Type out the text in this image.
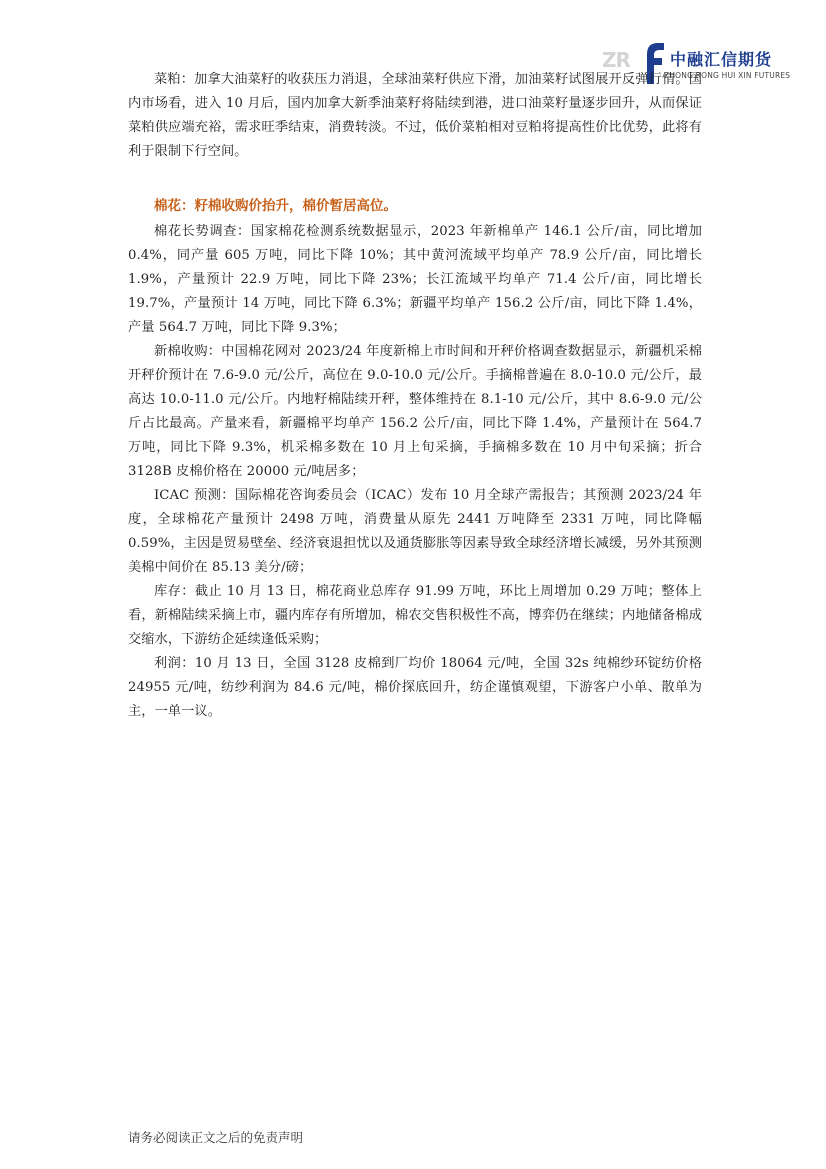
ZR	中融汇信期货
ZHONG RONG HUI XIN FUTURES

菜粕：加拿大油菜籽的收获压力消退，全球油菜籽供应下滑，加油菜籽试图展开反弹行情。国内市场看，进入 10 月后，国内加拿大新季油菜籽将陆续到港，进口油菜籽量逐步回升，从而保证菜粕供应端充裕，需求旺季结束，消费转淡。不过，低价菜粕相对豆粕将提高性价比优势，此将有利于限制下行空间。

棉花：籽棉收购价抬升，棉价暂居高位。

棉花长势调查：国家棉花检测系统数据显示，2023 年新棉单产 146.1 公斤/亩，同比增加 0.4%，同产量 605 万吨，同比下降 10%；其中黄河流域平均单产 78.9 公斤/亩，同比增长 1.9%，产量预计 22.9 万吨，同比下降 23%；长江流域平均单产 71.4 公斤/亩，同比增长 19.7%，产量预计 14 万吨，同比下降 6.3%；新疆平均单产 156.2 公斤/亩，同比下降 1.4%，产量 564.7 万吨，同比下降 9.3%；

新棉收购：中国棉花网对 2023/24 年度新棉上市时间和开秤价格调查数据显示，新疆机采棉开秤价预计在 7.6-9.0 元/公斤，高位在 9.0-10.0 元/公斤。手摘棉普遍在 8.0-10.0 元/公斤，最高达 10.0-11.0 元/公斤。内地籽棉陆续开秤，整体维持在 8.1-10 元/公斤，其中 8.6-9.0 元/公斤占比最高。产量来看，新疆棉平均单产 156.2 公斤/亩，同比下降 1.4%，产量预计在 564.7 万吨，同比下降 9.3%，机采棉多数在 10 月上旬采摘，手摘棉多数在 10 月中旬采摘；折合 3128B 皮棉价格在 20000 元/吨居多；

ICAC 预测：国际棉花咨询委员会（ICAC）发布 10 月全球产需报告；其预测 2023/24 年度，全球棉花产量预计 2498 万吨，消费量从原先 2441 万吨降至 2331 万吨，同比降幅 0.59%，主因是贸易壁垒、经济衰退担忧以及通货膨胀等因素导致全球经济增长减缓，另外其预测美棉中间价在 85.13 美分/磅；

库存：截止 10 月 13 日，棉花商业总库存 91.99 万吨，环比上周增加 0.29 万吨；整体上看，新棉陆续采摘上市，疆内库存有所增加，棉农交售积极性不高，博弈仍在继续；内地储备棉成交缩水，下游纺企延续逢低采购；

利润：10 月 13 日，全国 3128 皮棉到厂均价 18064 元/吨，全国 32s 纯棉纱环锭纺价格 24955 元/吨，纺纱利润为 84.6 元/吨，棉价探底回升，纺企谨慎观望，下游客户小单、散单为主，一单一议。

请务必阅读正文之后的免责声明
